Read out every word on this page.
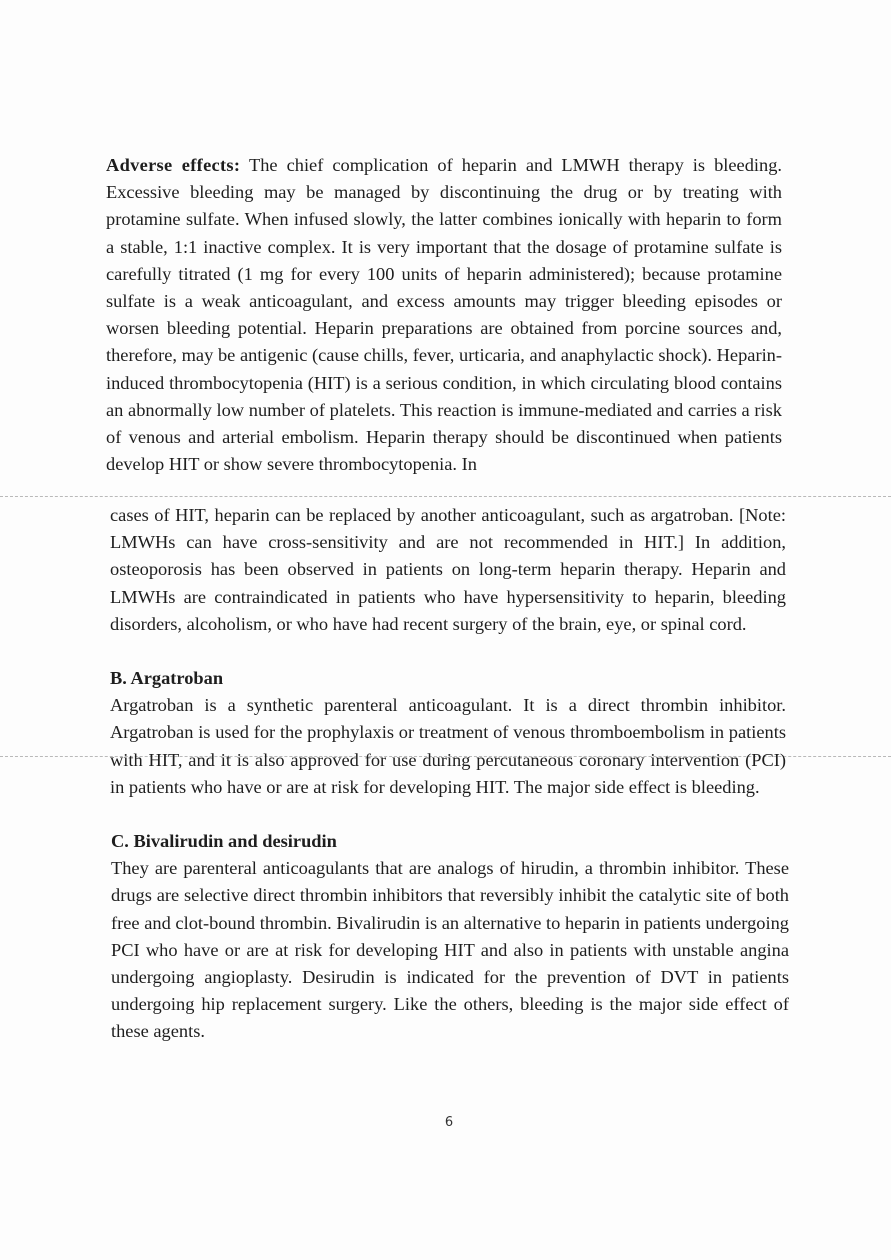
Adverse effects: The chief complication of heparin and LMWH therapy is bleeding. Excessive bleeding may be managed by discontinuing the drug or by treating with protamine sulfate. When infused slowly, the latter combines ionically with heparin to form a stable, 1:1 inactive complex. It is very important that the dosage of protamine sulfate is carefully titrated (1 mg for every 100 units of heparin administered); because protamine sulfate is a weak anticoagulant, and excess amounts may trigger bleeding episodes or worsen bleeding potential. Heparin preparations are obtained from porcine sources and, therefore, may be antigenic (cause chills, fever, urticaria, and anaphylactic shock). Heparin-induced thrombocytopenia (HIT) is a serious condition, in which circulating blood contains an abnormally low number of platelets. This reaction is immune-mediated and carries a risk of venous and arterial embolism. Heparin therapy should be discontinued when patients develop HIT or show severe thrombocytopenia. In
cases of HIT, heparin can be replaced by another anticoagulant, such as argatroban. [Note: LMWHs can have cross-sensitivity and are not recommended in HIT.] In addition, osteoporosis has been observed in patients on long-term heparin therapy. Heparin and LMWHs are contraindicated in patients who have hypersensitivity to heparin, bleeding disorders, alcoholism, or who have had recent surgery of the brain, eye, or spinal cord.
B. Argatroban
Argatroban is a synthetic parenteral anticoagulant. It is a direct thrombin inhibitor. Argatroban is used for the prophylaxis or treatment of venous thromboembolism in patients with HIT, and it is also approved for use during percutaneous coronary intervention (PCI) in patients who have or are at risk for developing HIT. The major side effect is bleeding.
C. Bivalirudin and desirudin
They are parenteral anticoagulants that are analogs of hirudin, a thrombin inhibitor. These drugs are selective direct thrombin inhibitors that reversibly inhibit the catalytic site of both free and clot-bound thrombin. Bivalirudin is an alternative to heparin in patients undergoing PCI who have or are at risk for developing HIT and also in patients with unstable angina undergoing angioplasty. Desirudin is indicated for the prevention of DVT in patients undergoing hip replacement surgery. Like the others, bleeding is the major side effect of these agents.
6
